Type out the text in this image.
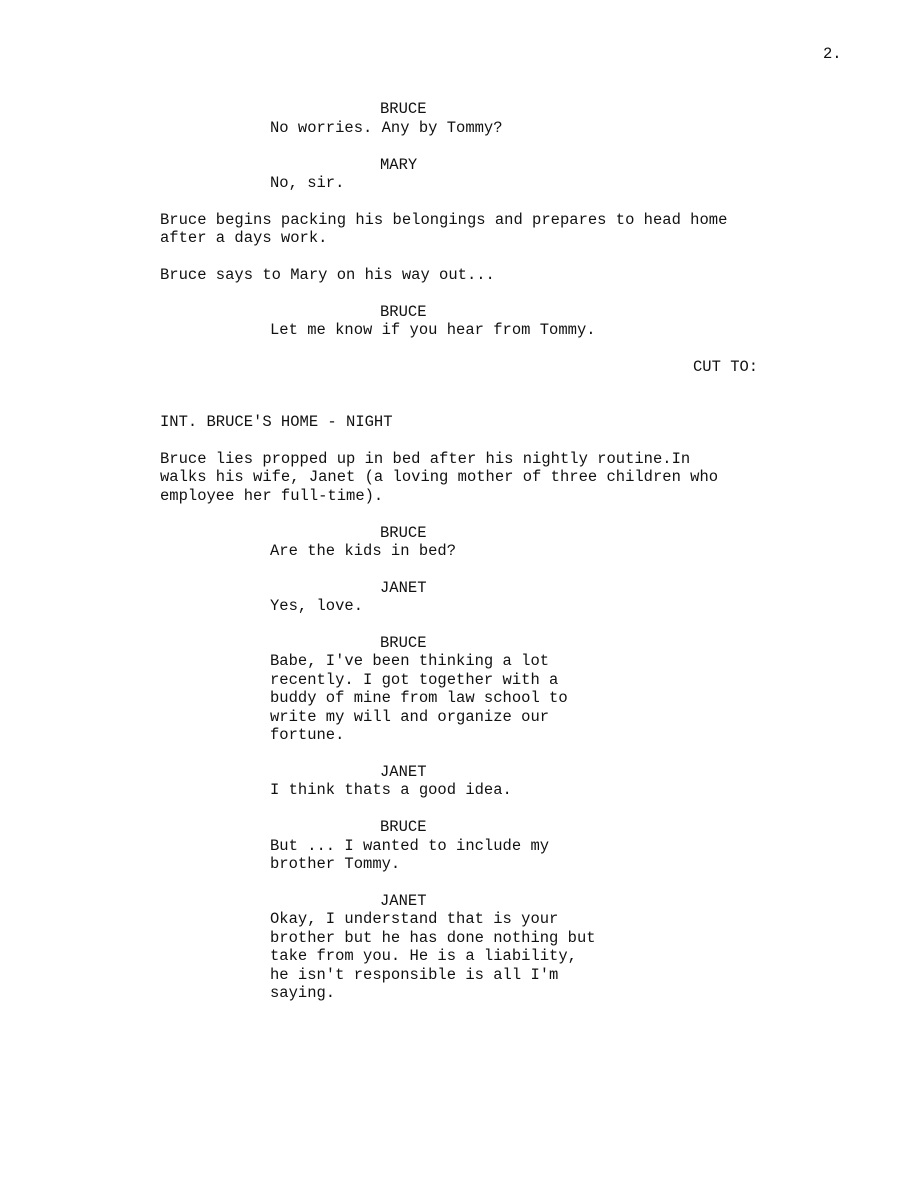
2.
BRUCE
No worries. Any by Tommy?
MARY
No, sir.
Bruce begins packing his belongings and prepares to head home
after a days work.
Bruce says to Mary on his way out...
BRUCE
Let me know if you hear from Tommy.
CUT TO:
INT. BRUCE'S HOME - NIGHT
Bruce lies propped up in bed after his nightly routine.In
walks his wife, Janet (a loving mother of three children who
employee her full-time).
BRUCE
Are the kids in bed?
JANET
Yes, love.
BRUCE
Babe, I've been thinking a lot
recently. I got together with a
buddy of mine from law school to
write my will and organize our
fortune.
JANET
I think thats a good idea.
BRUCE
But ... I wanted to include my
brother Tommy.
JANET
Okay, I understand that is your
brother but he has done nothing but
take from you. He is a liability,
he isn't responsible is all I'm
saying.
